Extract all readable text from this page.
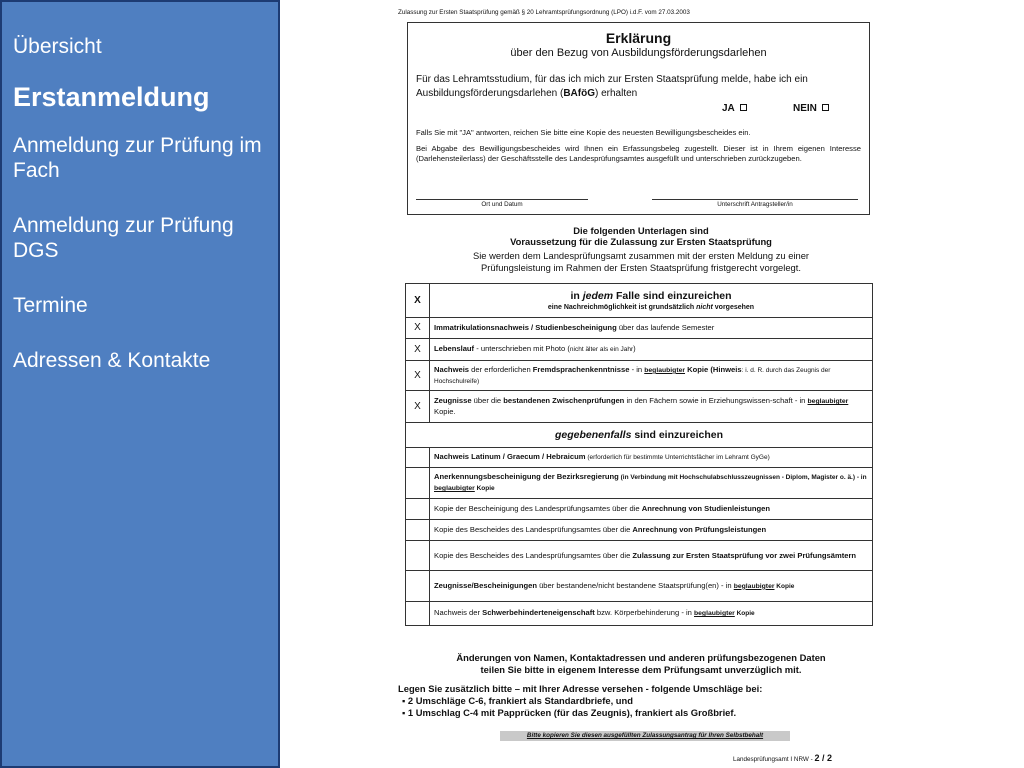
Übersicht
Erstanmeldung
Anmeldung zur Prüfung im Fach
Anmeldung zur Prüfung DGS
Termine
Adressen & Kontakte
Zulassung zur Ersten Staatsprüfung gemäß § 20 Lehramtsprüfungsordnung (LPO) i.d.F. vom 27.03.2003
Erklärung
über den Bezug von Ausbildungsförderungsdarlehen
Für das Lehramtsstudium, für das ich mich zur Ersten Staatsprüfung melde, habe ich ein Ausbildungsförderungsdarlehen (BAföG) erhalten
JA	NEIN
Falls Sie mit "JA" antworten, reichen Sie bitte eine Kopie des neuesten Bewilligungsbescheides ein.
Bei Abgabe des Bewilligungsbescheides wird Ihnen ein Erfassungsbeleg zugestellt. Dieser ist in Ihrem eigenen Interesse (Darlehensteilerlass) der Geschäftsstelle des Landesprüfungsamtes ausgefüllt und unterschrieben zurückzugeben.
Ort und Datum	Unterschrift Antragsteller/in
Die folgenden Unterlagen sind
Voraussetzung für die Zulassung zur Ersten Staatsprüfung
Sie werden dem Landesprüfungsamt zusammen mit der ersten Meldung zu einer
Prüfungsleistung im Rahmen der Ersten Staatsprüfung fristgerecht vorgelegt.
X	in jedem Falle sind einzureichen
eine Nachreichmöglichkeit ist grundsätzlich nicht vorgesehen

X	Immatrikulationsnachweis / Studienbescheinigung über das laufende Semester
X	Lebenslauf - unterschrieben mit Photo (nicht älter als ein Jahr)
X	Nachweis der erforderlichen Fremdsprachenkenntnisse - in beglaubigter Kopie (Hinweis: i. d. R. durch das Zeugnis der Hochschulreife)
X	Zeugnisse über die bestandenen Zwischenprüfungen in den Fächern sowie in Erziehungswissen-schaft - in beglaubigter Kopie.
gegebenenfalls sind einzureichen	
	Nachweis Latinum / Graecum / Hebraicum (erforderlich für bestimmte Unterrichtsfächer im Lehramt GyGe)
	Anerkennungsbescheinigung der Bezirksregierung (in Verbindung mit Hochschulabschlusszeugnissen - Diplom, Magister o. ä.) - in beglaubigter Kopie
	Kopie der Bescheinigung des Landesprüfungsamtes über die Anrechnung von Studienleistungen
	Kopie des Bescheides des Landesprüfungsamtes über die Anrechnung von Prüfungsleistungen
	Kopie des Bescheides des Landesprüfungsamtes über die Zulassung zur Ersten Staatsprüfung vor zwei Prüfungsämtern
	Zeugnisse/Bescheinigungen über bestandene/nicht bestandene Staatsprüfung(en) - in beglaubigter Kopie
	Nachweis der Schwerbehinderteneigenschaft bzw. Körperbehinderung - in beglaubigter Kopie
Änderungen von Namen, Kontaktadressen und anderen prüfungsbezogenen Daten
teilen Sie bitte in eigenem Interesse dem Prüfungsamt unverzüglich mit.
Legen Sie zusätzlich bitte – mit Ihrer Adresse versehen - folgende Umschläge bei:
▪ 2 Umschläge C-6, frankiert als Standardbriefe, und
▪ 1 Umschlag C-4 mit Papprücken (für das Zeugnis), frankiert als Großbrief.
Bitte kopieren Sie diesen ausgefüllten Zulassungsantrag für Ihren Selbstbehalt
Landesprüfungsamt I NRW - 2 / 2
